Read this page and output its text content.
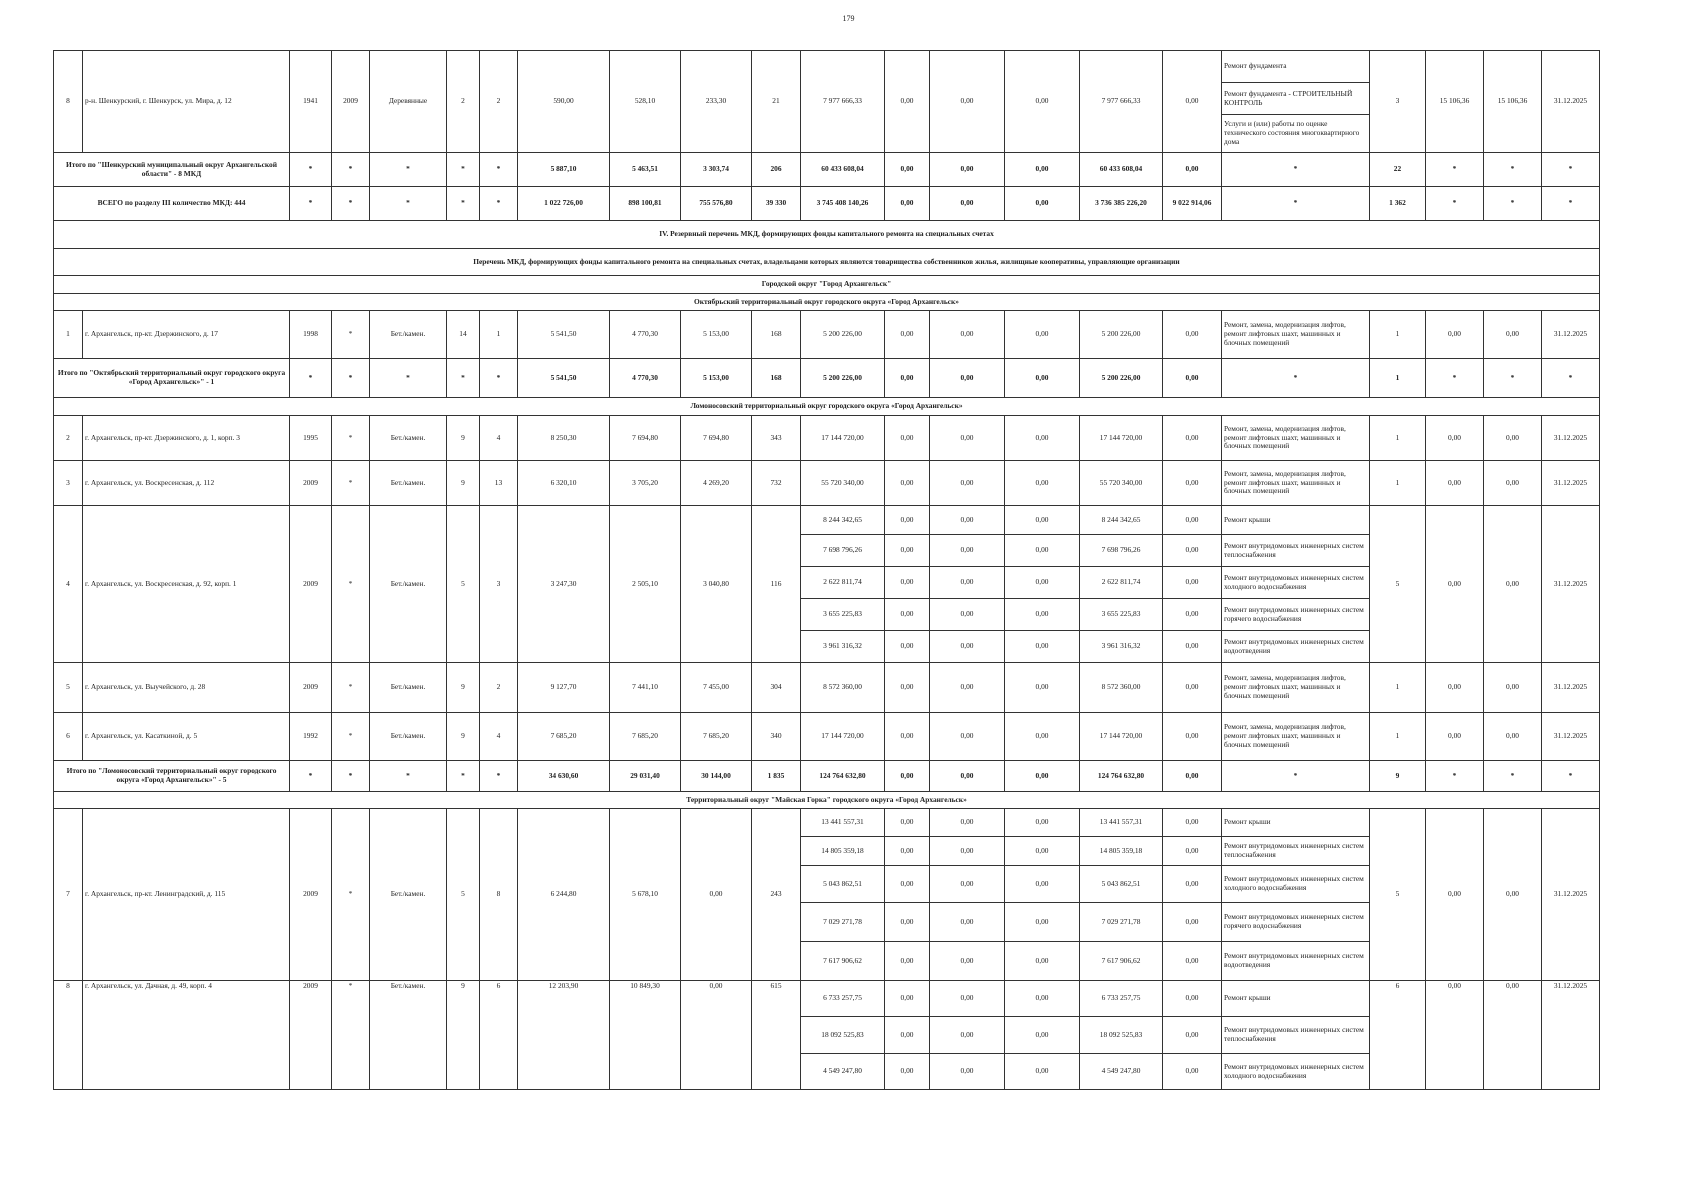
179
8	р-н. Шенкурский, г. Шенкурск, ул. Мира, д. 12	1941	2009	Деревянные	2	2	590,00	528,10	233,30	21	7 977 666,33	0,00	0,00	0,00	7 977 666,33	0,00	Ремонт фундамента	3	15 106,36	15 106,36	31.12.2025
																	Ремонт фундамента - СТРОИТЕЛЬНЫЙ КОНТРОЛЬ				
																	Услуги и (или) работы по оценке технического состояния многоквартирного дома				
Итого по "Шенкурский муниципальный округ Архангельской области" - 8 МКД		*	*	*	*	*	5 887,10	5 463,51	3 303,74	206	60 433 608,04	0,00	0,00	0,00	60 433 608,04	0,00	*	22	*	*	*
ВСЕГО по разделу III количество МКД: 444		*	*	*	*	*	1 022 726,00	898 100,81	755 576,80	39 330	3 745 408 140,26	0,00	0,00	0,00	3 736 385 226,20	9 022 914,06	*	1 362	*	*	*
IV. Резервный перечень МКД, формирующих фонды капитального ремонта на специальных счетах																					
Перечень МКД, формирующих фонды капитального ремонта на специальных счетах, владельцами которых являются товарищества собственников жилья, жилищные кооперативы, управляющие организации																					
Городской округ "Город Архангельск"																					
Октябрьский территориальный округ городского округа «Город Архангельск»																					
1	г. Архангельск, пр-кт. Дзержинского, д. 17	1998	*	Бет./камен.	14	1	5 541,50	4 770,30	5 153,00	168	5 200 226,00	0,00	0,00	0,00	5 200 226,00	0,00	Ремонт, замена, модернизация лифтов, ремонт лифтовых шахт, машинных и блочных помещений	1	0,00	0,00	31.12.2025
Итого по "Октябрьский территориальный округ городского округа «Город Архангельск»" - 1		*	*	*	*	*	5 541,50	4 770,30	5 153,00	168	5 200 226,00	0,00	0,00	0,00	5 200 226,00	0,00	*	1	*	*	*
Ломоносовский территориальный округ городского округа «Город Архангельск»																					
2	г. Архангельск, пр-кт. Дзержинского, д. 1, корп. 3	1995	*	Бет./камен.	9	4	8 250,30	7 694,80	7 694,80	343	17 144 720,00	0,00	0,00	0,00	17 144 720,00	0,00	Ремонт, замена, модернизация лифтов, ремонт лифтовых шахт, машинных и блочных помещений	1	0,00	0,00	31.12.2025
3	г. Архангельск, ул. Воскресенская, д. 112	2009	*	Бет./камен.	9	13	6 320,10	3 705,20	4 269,20	732	55 720 340,00	0,00	0,00	0,00	55 720 340,00	0,00	Ремонт, замена, модернизация лифтов, ремонт лифтовых шахт, машинных и блочных помещений	1	0,00	0,00	31.12.2025
4	г. Архангельск, ул. Воскресенская, д. 92, корп. 1	2009	*	Бет./камен.	5	3	3 247,30	2 505,10	3 040,80	116	8 244 342,65	0,00	0,00	0,00	8 244 342,65	0,00	Ремонт крыши	5	0,00	0,00	31.12.2025
											7 698 796,26	0,00	0,00	0,00	7 698 796,26	0,00	Ремонт внутридомовых инженерных систем теплоснабжения				
											2 622 811,74	0,00	0,00	0,00	2 622 811,74	0,00	Ремонт внутридомовых инженерных систем холодного водоснабжения				
											3 655 225,83	0,00	0,00	0,00	3 655 225,83	0,00	Ремонт внутридомовых инженерных систем горячего водоснабжения				
											3 961 316,32	0,00	0,00	0,00	3 961 316,32	0,00	Ремонт внутридомовых инженерных систем водоотведения				
5	г. Архангельск, ул. Выучейского, д. 28	2009	*	Бет./камен.	9	2	9 127,70	7 441,10	7 455,00	304	8 572 360,00	0,00	0,00	0,00	8 572 360,00	0,00	Ремонт, замена, модернизация лифтов, ремонт лифтовых шахт, машинных и блочных помещений	1	0,00	0,00	31.12.2025
6	г. Архангельск, ул. Касаткиной, д. 5	1992	*	Бет./камен.	9	4	7 685,20	7 685,20	7 685,20	340	17 144 720,00	0,00	0,00	0,00	17 144 720,00	0,00	Ремонт, замена, модернизация лифтов, ремонт лифтовых шахт, машинных и блочных помещений	1	0,00	0,00	31.12.2025
Итого по "Ломоносовский территориальный округ городского округа «Город Архангельск»" - 5		*	*	*	*	*	34 630,60	29 031,40	30 144,00	1 835	124 764 632,80	0,00	0,00	0,00	124 764 632,80	0,00	*	9	*	*	*
Территориальный округ "Майская Горка" городского округа «Город Архангельск»																					
7	г. Архангельск, пр-кт. Ленинградский, д. 115	2009	*	Бет./камен.	5	8	6 244,80	5 678,10	0,00	243	13 441 557,31	0,00	0,00	0,00	13 441 557,31	0,00	Ремонт крыши	5	0,00	0,00	31.12.2025
											14 805 359,18	0,00	0,00	0,00	14 805 359,18	0,00	Ремонт внутридомовых инженерных систем теплоснабжения				
											5 043 862,51	0,00	0,00	0,00	5 043 862,51	0,00	Ремонт внутридомовых инженерных систем холодного водоснабжения				
											7 029 271,78	0,00	0,00	0,00	7 029 271,78	0,00	Ремонт внутридомовых инженерных систем горячего водоснабжения				
											7 617 906,62	0,00	0,00	0,00	7 617 906,62	0,00	Ремонт внутридомовых инженерных систем водоотведения				
8	г. Архангельск, ул. Дачная, д. 49, корп. 4	2009	*	Бет./камен.	9	6	12 203,90	10 849,30	0,00	615	6 733 257,75	0,00	0,00	0,00	6 733 257,75	0,00	Ремонт крыши	6	0,00	0,00	31.12.2025
											18 092 525,83	0,00	0,00	0,00	18 092 525,83	0,00	Ремонт внутридомовых инженерных систем теплоснабжения				
											4 549 247,80	0,00	0,00	0,00	4 549 247,80	0,00	Ремонт внутридомовых инженерных систем холодного водоснабжения				
